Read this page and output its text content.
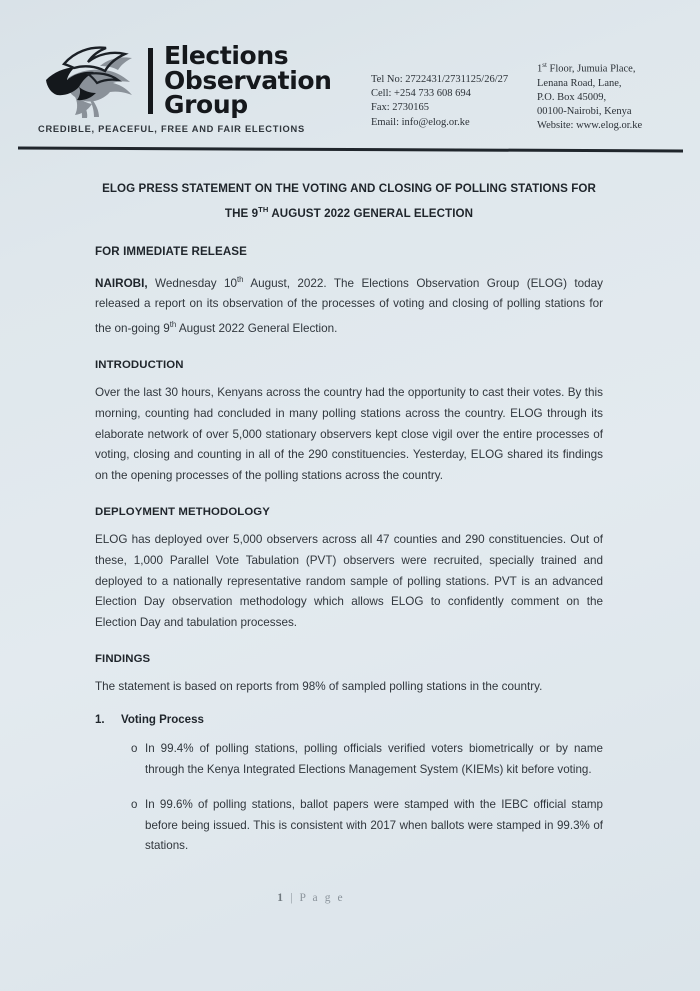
Elections
Observation
Group
CREDIBLE, PEACEFUL, FREE AND FAIR ELECTIONS
Tel No: 2722431/2731125/26/27
Cell: +254 733 608 694
Fax: 2730165
Email: info@elog.or.ke
1st Floor, Jumuia Place,
Lenana Road, Lane,
P.O. Box 45009,
00100-Nairobi, Kenya
Website: www.elog.or.ke
ELOG PRESS STATEMENT ON THE VOTING AND CLOSING OF POLLING STATIONS FOR
THE 9TH AUGUST 2022 GENERAL ELECTION
FOR IMMEDIATE RELEASE

NAIROBI, Wednesday 10th August, 2022. The Elections Observation Group (ELOG) today released a report on its observation of the processes of voting and closing of polling stations for the on-going 9th August 2022 General Election.

INTRODUCTION

Over the last 30 hours, Kenyans across the country had the opportunity to cast their votes. By this morning, counting had concluded in many polling stations across the country. ELOG through its elaborate network of over 5,000 stationary observers kept close vigil over the entire processes of voting, closing and counting in all of the 290 constituencies. Yesterday, ELOG shared its findings on the opening processes of the polling stations across the country.

DEPLOYMENT METHODOLOGY

ELOG has deployed over 5,000 observers across all 47 counties and 290 constituencies. Out of these, 1,000 Parallel Vote Tabulation (PVT) observers were recruited, specially trained and deployed to a nationally representative random sample of polling stations. PVT is an advanced Election Day observation methodology which allows ELOG to confidently comment on the Election Day and tabulation processes.

FINDINGS

The statement is based on reports from 98% of sampled polling stations in the country.

1.	Voting Process
o In 99.4% of polling stations, polling officials verified voters biometrically or by name through the Kenya Integrated Elections Management System (KIEMs) kit before voting.
o In 99.6% of polling stations, ballot papers were stamped with the IEBC official stamp before being issued. This is consistent with 2017 when ballots were stamped in 99.3% of stations.
1 | P a g e
